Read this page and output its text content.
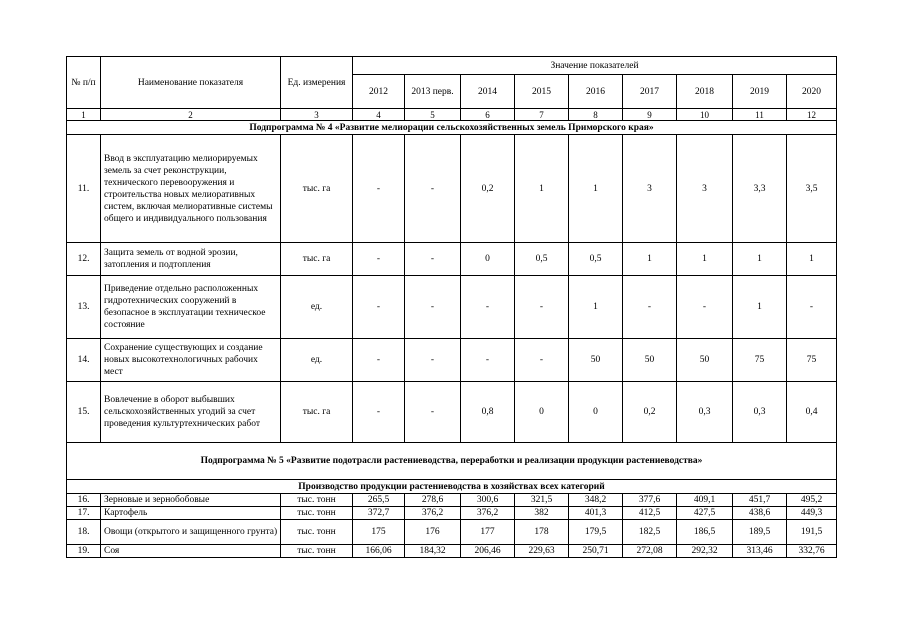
№ п/п	Наименование показателя	Ед. измерения	Значение показателей								
			2012	2013 перв.	2014	2015	2016	2017	2018	2019	2020
1	2	3	4	5	6	7	8	9	10	11	12
Подпрограмма № 4 «Развитие мелиорации сельскохозяйственных земель Приморского края»											
11.	Ввод в эксплуатацию мелиорируемых земель за счет реконструкции, технического перевооружения и строительства новых мелиоративных систем, включая мелиоративные системы общего и индивидуального пользования	тыс. га	-	-	0,2	1	1	3	3	3,3	3,5
12.	Защита земель от водной эрозии, затопления и подтопления	тыс. га	-	-	0	0,5	0,5	1	1	1	1
13.	Приведение отдельно расположенных гидротехнических сооружений в безопасное в эксплуатации техническое состояние	ед.	-	-	-	-	1	-	-	1	-
14.	Сохранение существующих и создание новых высокотехнологичных рабочих мест	ед.	-	-	-	-	50	50	50	75	75
15.	Вовлечение в оборот выбывших сельскохозяйственных угодий за счет проведения культуртехнических работ	тыс. га	-	-	0,8	0	0	0,2	0,3	0,3	0,4
Подпрограмма № 5 «Развитие подотрасли растениеводства, переработки и реализации продукции растениеводства»											
Производство продукции растениеводства в хозяйствах всех категорий											
16.	Зерновые и зернобобовые	тыс. тонн	265,5	278,6	300,6	321,5	348,2	377,6	409,1	451,7	495,2
17.	Картофель	тыс. тонн	372,7	376,2	376,2	382	401,3	412,5	427,5	438,6	449,3
18.	Овощи (открытого и защищенного грунта)	тыс. тонн	175	176	177	178	179,5	182,5	186,5	189,5	191,5
19.	Соя	тыс. тонн	166,06	184,32	206,46	229,63	250,71	272,08	292,32	313,46	332,76
